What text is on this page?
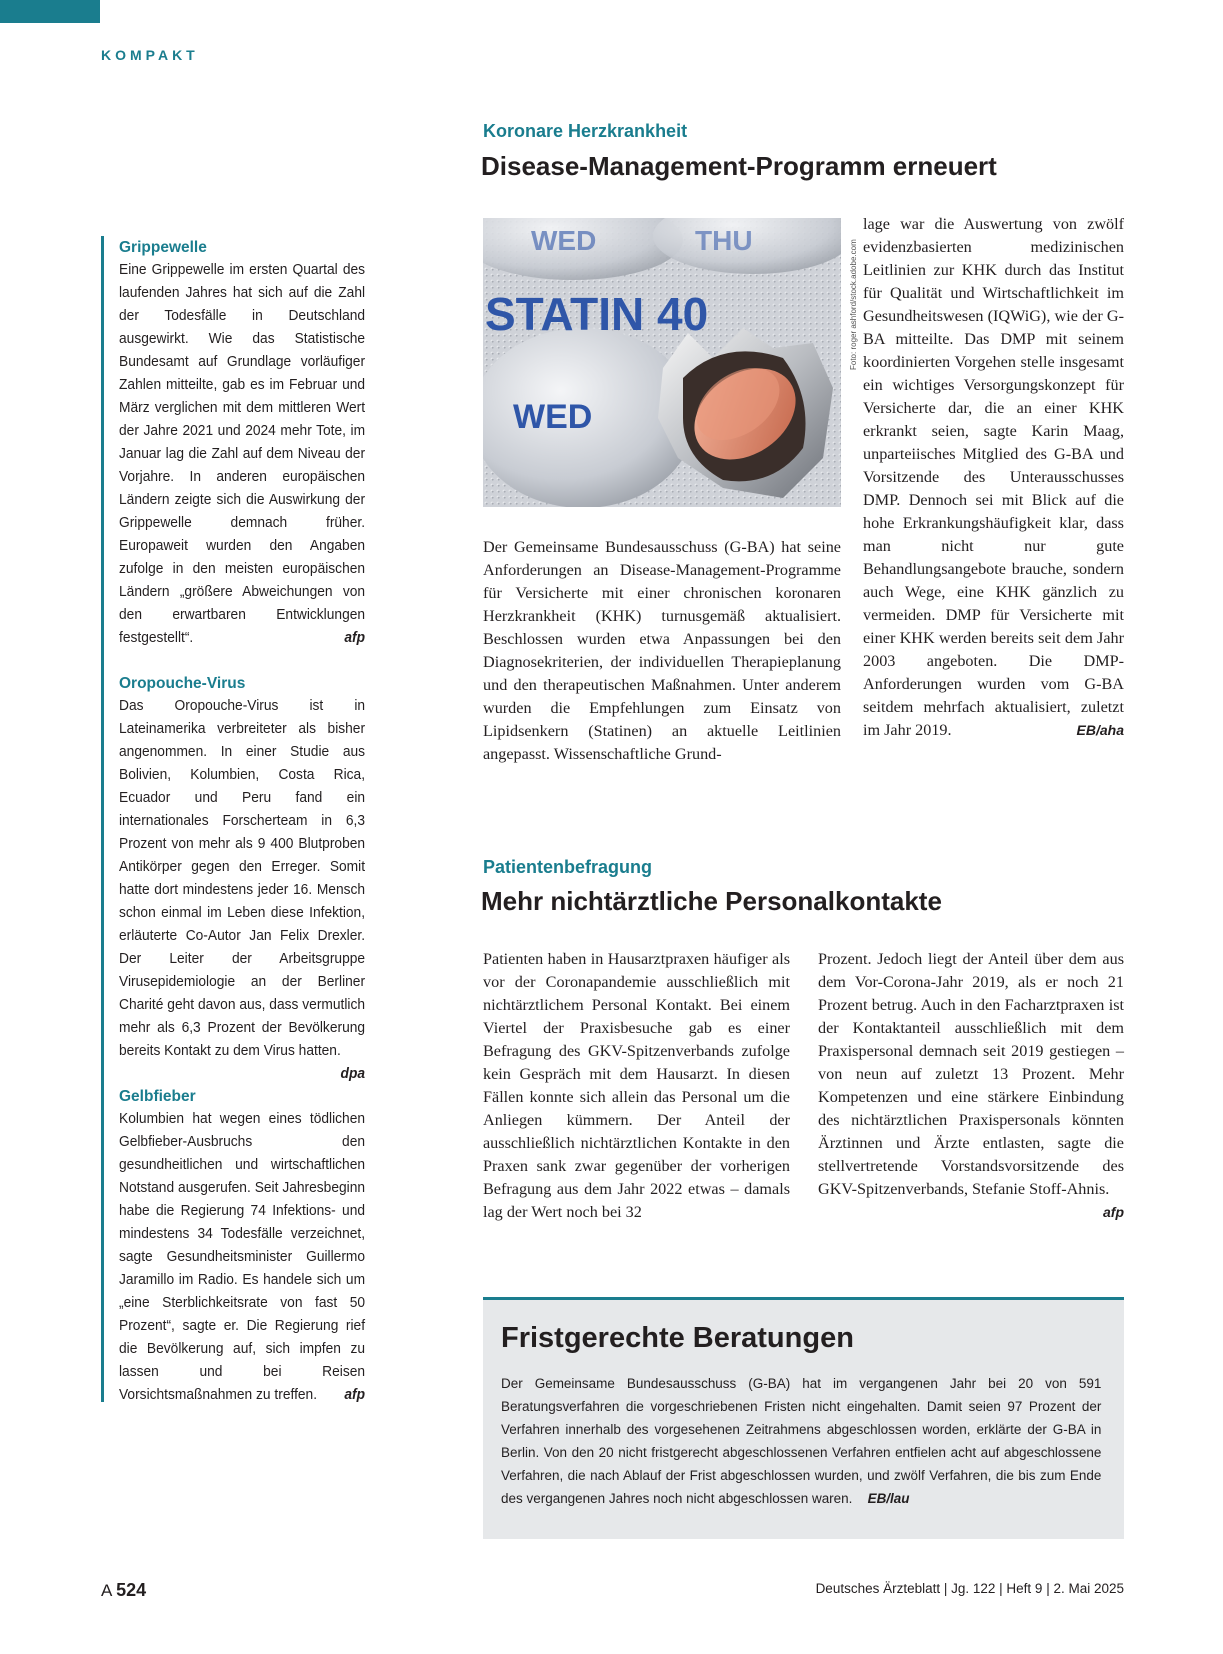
KOMPAKT
Grippewelle
Eine Grippewelle im ersten Quartal des laufenden Jahres hat sich auf die Zahl der Todesfälle in Deutschland ausgewirkt. Wie das Statistische Bundesamt auf Grundlage vorläufiger Zahlen mitteilte, gab es im Februar und März verglichen mit dem mittleren Wert der Jahre 2021 und 2024 mehr Tote, im Januar lag die Zahl auf dem Niveau der Vorjahre. In anderen europäischen Ländern zeigte sich die Auswirkung der Grippewelle demnach früher. Europaweit wurden den Angaben zufolge in den meisten europäischen Ländern „größere Abweichungen von den erwartbaren Entwicklungen festgestellt“.	afp
Oropouche-Virus
Das Oropouche-Virus ist in Lateinamerika verbreiteter als bisher angenommen. In einer Studie aus Bolivien, Kolumbien, Costa Rica, Ecuador und Peru fand ein internationales Forscherteam in 6,3 Prozent von mehr als 9 400 Blutproben Antikörper gegen den Erreger. Somit hatte dort mindestens jeder 16. Mensch schon einmal im Leben diese Infektion, erläuterte Co-Autor Jan Felix Drexler. Der Leiter der Arbeitsgruppe Virusepidemiologie an der Berliner Charité geht davon aus, dass vermutlich mehr als 6,3 Prozent der Bevölkerung bereits Kontakt zu dem Virus hatten.
dpa
Gelbfieber
Kolumbien hat wegen eines tödlichen Gelbfieber-Ausbruchs den gesundheitlichen und wirtschaftlichen Notstand ausgerufen. Seit Jahresbeginn habe die Regierung 74 Infektions- und mindestens 34 Todesfälle verzeichnet, sagte Gesundheitsminister Guillermo Jaramillo im Radio. Es handele sich um „eine Sterblichkeitsrate von fast 50 Prozent“, sagte er. Die Regierung rief die Bevölkerung auf, sich impfen zu lassen und bei Reisen Vorsichtsmaßnahmen zu treffen. afp
Koronare Herzkrankheit
Disease-Management-Programm erneuert
WED	THU
STATIN 40
WED
Foto: roger ashford/stock.adobe.com
Der Gemeinsame Bundesausschuss (G-BA) hat seine Anforderungen an Disease-Management-Programme für Versicherte mit einer chronischen koronaren Herzkrankheit (KHK) turnusgemäß aktualisiert. Beschlossen wurden etwa Anpassungen bei den Diagnosekriterien, der individuellen Therapieplanung und den therapeutischen Maßnahmen. Unter anderem wurden die Empfehlungen zum Einsatz von Lipidsenkern (Statinen) an aktuelle Leitlinien angepasst. Wissenschaftliche Grund-
lage war die Auswertung von zwölf evidenzbasierten medizinischen Leitlinien zur KHK durch das Institut für Qualität und Wirtschaftlichkeit im Gesundheitswesen (IQWiG), wie der G-BA mitteilte. Das DMP mit seinem koordinierten Vorgehen stelle insgesamt ein wichtiges Versorgungskonzept für Versicherte dar, die an einer KHK erkrankt seien, sagte Karin Maag, unparteiisches Mitglied des G-BA und Vorsitzende des Unterausschusses DMP. Dennoch sei mit Blick auf die hohe Erkrankungshäufigkeit klar, dass man nicht nur gute Behandlungsangebote brauche, sondern auch Wege, eine KHK gänzlich zu vermeiden. DMP für Versicherte mit einer KHK werden bereits seit dem Jahr 2003 angeboten. Die DMP-Anforderungen wurden vom G-BA seitdem mehrfach aktualisiert, zuletzt im Jahr 2019.	EB/aha
Patientenbefragung
Mehr nichtärztliche Personalkontakte
Patienten haben in Hausarztpraxen häufiger als vor der Coronapandemie ausschließlich mit nichtärztlichem Personal Kontakt. Bei einem Viertel der Praxisbesuche gab es einer Befragung des GKV-Spitzenverbands zufolge kein Gespräch mit dem Hausarzt. In diesen Fällen konnte sich allein das Personal um die Anliegen kümmern. Der Anteil der ausschließlich nichtärztlichen Kontakte in den Praxen sank zwar gegenüber der vorherigen Befragung aus dem Jahr 2022 etwas – damals lag der Wert noch bei 32
Prozent. Jedoch liegt der Anteil über dem aus dem Vor-Corona-Jahr 2019, als er noch 21 Prozent betrug. Auch in den Facharztpraxen ist der Kontaktanteil ausschließlich mit dem Praxispersonal demnach seit 2019 gestiegen – von neun auf zuletzt 13 Prozent. Mehr Kompetenzen und eine stärkere Einbindung des nichtärztlichen Praxispersonals könnten Ärztinnen und Ärzte entlasten, sagte die stellvertretende Vorstandsvorsitzende des GKV-Spitzenverbands, Stefanie Stoff-Ahnis.
afp
Fristgerechte Beratungen
Der Gemeinsame Bundesausschuss (G-BA) hat im vergangenen Jahr bei 20 von 591 Beratungsverfahren die vorgeschriebenen Fristen nicht eingehalten. Damit seien 97 Prozent der Verfahren innerhalb des vorgesehenen Zeitrahmens abgeschlossen worden, erklärte der G-BA in Berlin. Von den 20 nicht fristgerecht abgeschlossenen Verfahren entfielen acht auf abgeschlossene Verfahren, die nach Ablauf der Frist abgeschlossen wurden, und zwölf Verfahren, die bis zum Ende des vergangenen Jahres noch nicht abgeschlossen waren. EB/lau
A 524	Deutsches Ärzteblatt | Jg. 122 | Heft 9 | 2. Mai 2025
